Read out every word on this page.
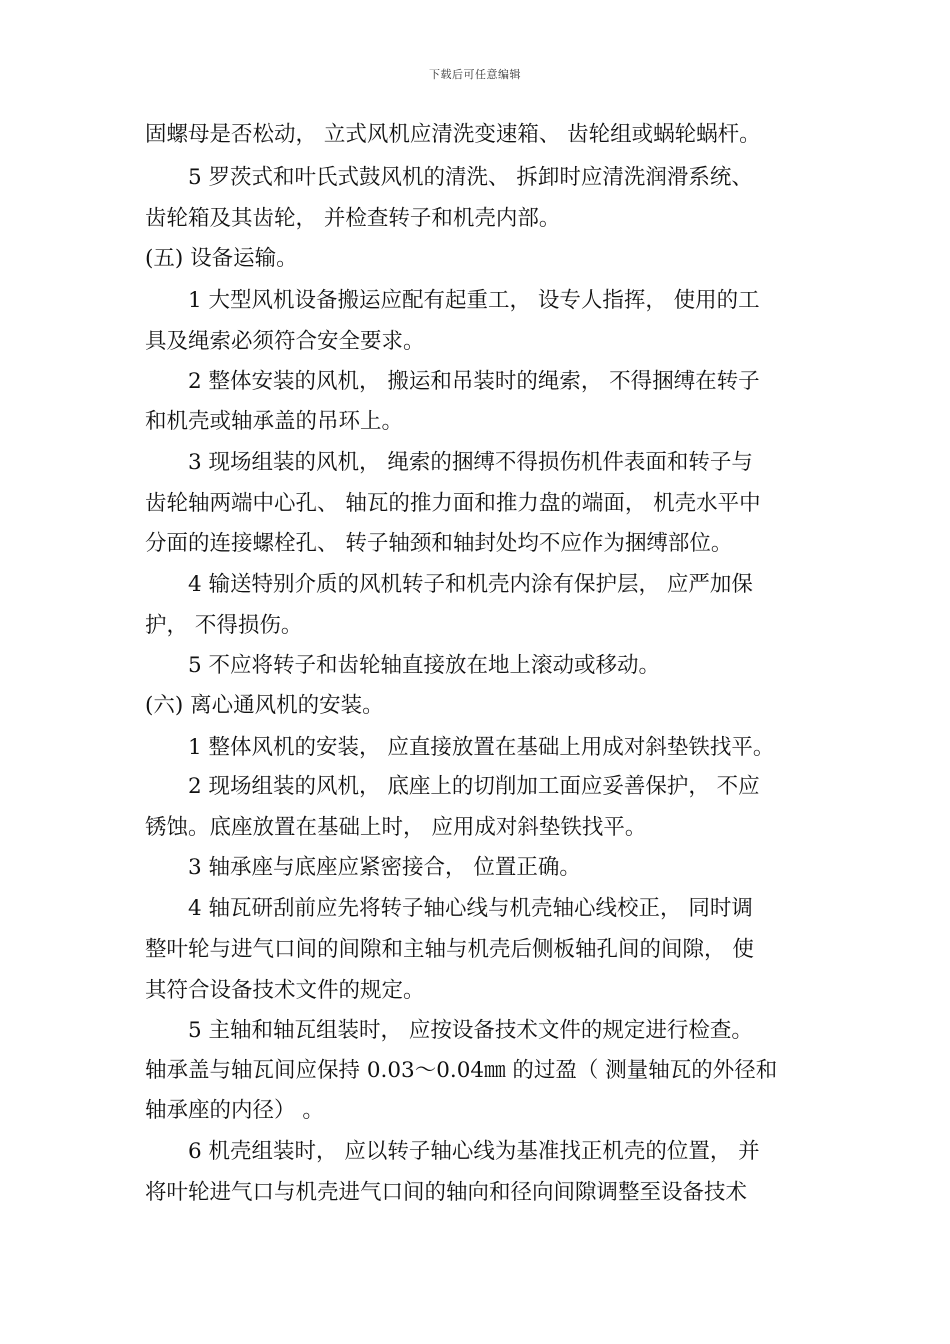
下载后可任意编辑
固螺母是否松动， 立式风机应清洗变速箱、 齿轮组或蜗轮蜗杆。
5 罗茨式和叶氏式鼓风机的清洗、 拆卸时应清洗润滑系统、
齿轮箱及其齿轮， 并检查转子和机壳内部。
(五) 设备运输。
1 大型风机设备搬运应配有起重工， 设专人指挥， 使用的工
具及绳索必须符合安全要求。
2 整体安装的风机， 搬运和吊装时的绳索， 不得捆缚在转子
和机壳或轴承盖的吊环上。
3 现场组装的风机， 绳索的捆缚不得损伤机件表面和转子与
齿轮轴两端中心孔、 轴瓦的推力面和推力盘的端面， 机壳水平中
分面的连接螺栓孔、 转子轴颈和轴封处均不应作为捆缚部位。
4 输送特别介质的风机转子和机壳内涂有保护层， 应严加保
护， 不得损伤。
5 不应将转子和齿轮轴直接放在地上滚动或移动。
(六) 离心通风机的安装。
1 整体风机的安装， 应直接放置在基础上用成对斜垫铁找平。
2 现场组装的风机， 底座上的切削加工面应妥善保护， 不应
锈蚀。底座放置在基础上时， 应用成对斜垫铁找平。
3 轴承座与底座应紧密接合， 位置正确。
4 轴瓦研刮前应先将转子轴心线与机壳轴心线校正， 同时调
整叶轮与进气口间的间隙和主轴与机壳后侧板轴孔间的间隙， 使
其符合设备技术文件的规定。
5 主轴和轴瓦组装时， 应按设备技术文件的规定进行检查。
轴承盖与轴瓦间应保持 0.03～0.04㎜ 的过盈（ 测量轴瓦的外径和
轴承座的内径） 。
6 机壳组装时， 应以转子轴心线为基准找正机壳的位置， 并
将叶轮进气口与机壳进气口间的轴向和径向间隙调整至设备技术
